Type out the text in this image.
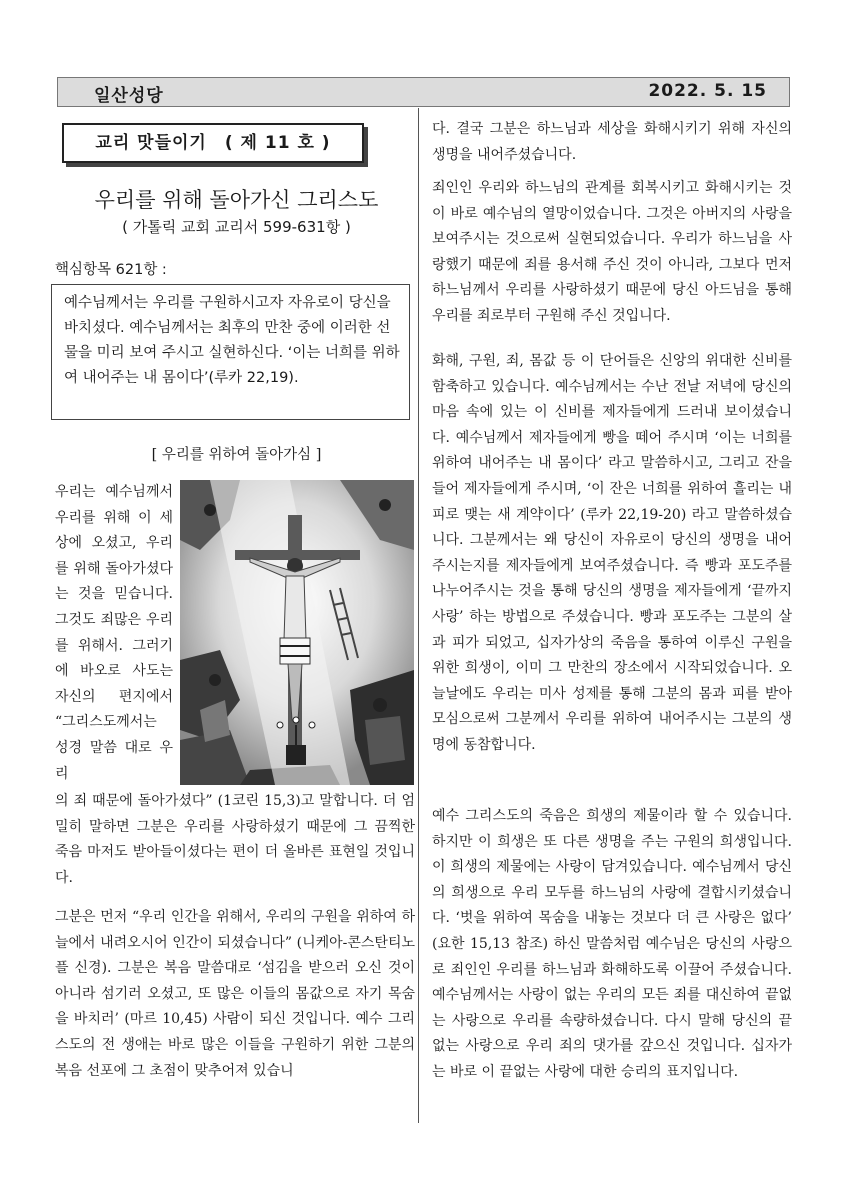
일산성당	2022. 5. 15
교리 맛들이기　( 제 11 호 )
우리를 위해 돌아가신 그리스도
( 가톨릭 교회 교리서 599-631항 )
핵심항목 621항 :
예수님께서는 우리를 구원하시고자 자유로이 당신을 바치셨다. 예수님께서는 최후의 만찬 중에 이러한 선물을 미리 보여 주시고 실현하신다. ‘이는 너희를 위하여 내어주는 내 몸이다’(루카 22,19).
[ 우리를 위하여 돌아가심 ]

우리는 예수님께서 우리를 위해 이 세상에 오셨고, 우리를 위해 돌아가셨다는 것을 믿습니다. 그것도 죄많은 우리를 위해서. 그러기에 바오로 사도는 자신의 편지에서 “그리스도께서는 성경 말씀 대로 우리

의 죄 때문에 돌아가셨다” (1코린 15,3)고 말합니다. 더 엄밀히 말하면 그분은 우리를 사랑하셨기 때문에 그 끔찍한 죽음 마저도 받아들이셨다는 편이 더 올바른 표현일 것입니다.

그분은 먼저 “우리 인간을 위해서, 우리의 구원을 위하여 하늘에서 내려오시어 인간이 되셨습니다” (니케아-콘스탄티노플 신경). 그분은 복음 말씀대로 ‘섬김을 받으러 오신 것이 아니라 섬기러 오셨고, 또 많은 이들의 몸값으로 자기 목숨을 바치러’ (마르 10,45) 사람이 되신 것입니다. 예수 그리스도의 전 생애는 바로 많은 이들을 구원하기 위한 그분의 복음 선포에 그 초점이 맞추어져 있습니

다. 결국 그분은 하느님과 세상을 화해시키기 위해 자신의 생명을 내어주셨습니다.

죄인인 우리와 하느님의 관계를 회복시키고 화해시키는 것이 바로 예수님의 열망이었습니다. 그것은 아버지의 사랑을 보여주시는 것으로써 실현되었습니다. 우리가 하느님을 사랑했기 때문에 죄를 용서해 주신 것이 아니라, 그보다 먼저 하느님께서 우리를 사랑하셨기 때문에 당신 아드님을 통해 우리를 죄로부터 구원해 주신 것입니다.

화해, 구원, 죄, 몸값 등 이 단어들은 신앙의 위대한 신비를 함축하고 있습니다. 예수님께서는 수난 전날 저녁에 당신의 마음 속에 있는 이 신비를 제자들에게 드러내 보이셨습니다. 예수님께서 제자들에게 빵을 떼어 주시며 ‘이는 너희를 위하여 내어주는 내 몸이다’ 라고 말씀하시고, 그리고 잔을 들어 제자들에게 주시며, ‘이 잔은 너희를 위하여 흘리는 내 피로 맺는 새 계약이다’ (루카 22,19-20) 라고 말씀하셨습니다. 그분께서는 왜 당신이 자유로이 당신의 생명을 내어 주시는지를 제자들에게 보여주셨습니다. 즉 빵과 포도주를 나누어주시는 것을 통해 당신의 생명을 제자들에게 ‘끝까지 사랑’ 하는 방법으로 주셨습니다. 빵과 포도주는 그분의 살과 피가 되었고, 십자가상의 죽음을 통하여 이루신 구원을 위한 희생이, 이미 그 만찬의 장소에서 시작되었습니다. 오늘날에도 우리는 미사 성제를 통해 그분의 몸과 피를 받아모심으로써 그분께서 우리를 위하여 내어주시는 그분의 생명에 동참합니다.

예수 그리스도의 죽음은 희생의 제물이라 할 수 있습니다. 하지만 이 희생은 또 다른 생명을 주는 구원의 희생입니다. 이 희생의 제물에는 사랑이 담겨있습니다. 예수님께서 당신의 희생으로 우리 모두를 하느님의 사랑에 결합시키셨습니다. ‘벗을 위하여 목숨을 내놓는 것보다 더 큰 사랑은 없다’ (요한 15,13 참조) 하신 말씀처럼 예수님은 당신의 사랑으로 죄인인 우리를 하느님과 화해하도록 이끌어 주셨습니다. 예수님께서는 사랑이 없는 우리의 모든 죄를 대신하여 끝없는 사랑으로 우리를 속량하셨습니다. 다시 말해 당신의 끝없는 사랑으로 우리 죄의 댓가를 갚으신 것입니다. 십자가는 바로 이 끝없는 사랑에 대한 승리의 표지입니다.
